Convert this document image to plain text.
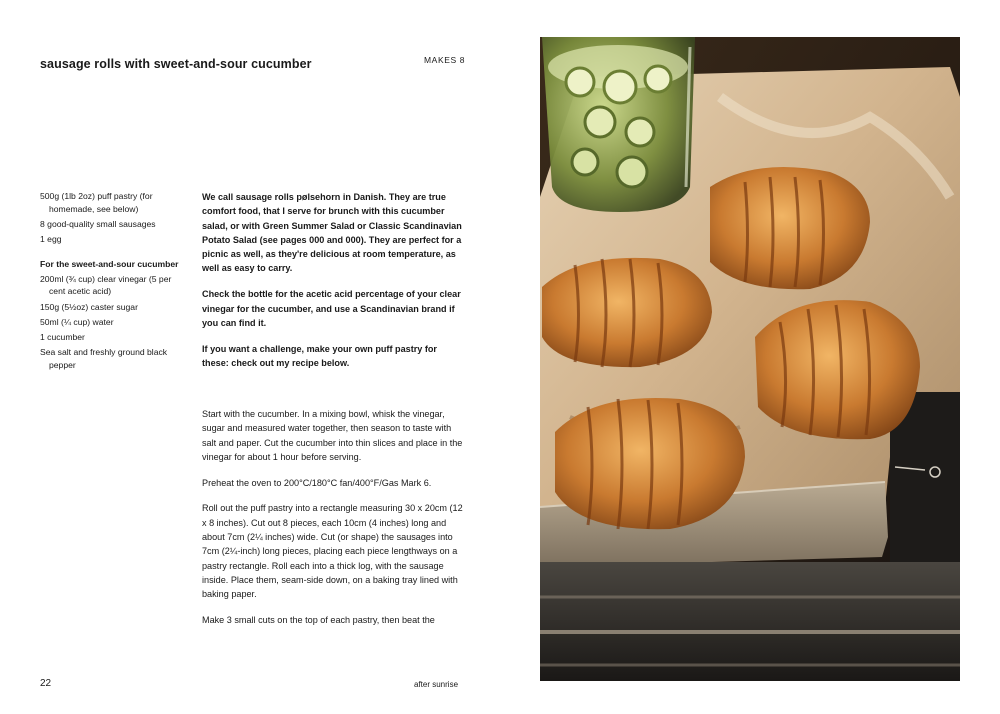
sausage rolls with sweet-and-sour cucumber	MAKES 8
500g (1lb 2oz) puff pastry (for homemade, see below)
8 good-quality small sausages
1 egg
For the sweet-and-sour cucumber
200ml (¾ cup) clear vinegar (5 per cent acetic acid)
150g (5½oz) caster sugar
50ml (¼ cup) water
1 cucumber
Sea salt and freshly ground black pepper

We call sausage rolls pølsehorn in Danish. They are true comfort food, that I serve for brunch with this cucumber salad, or with Green Summer Salad or Classic Scandinavian Potato Salad (see pages 000 and 000). They are perfect for a picnic as well, as they're delicious at room temperature, as well as easy to carry.

Check the bottle for the acetic acid percentage of your clear vinegar for the cucumber, and use a Scandinavian brand if you can find it.

If you want a challenge, make your own puff pastry for these: check out my recipe below.

Start with the cucumber. In a mixing bowl, whisk the vinegar, sugar and measured water together, then season to taste with salt and paper. Cut the cucumber into thin slices and place in the vinegar for about 1 hour before serving.

Preheat the oven to 200°C/180°C fan/400°F/Gas Mark 6.

Roll out the puff pastry into a rectangle measuring 30 x 20cm (12 x 8 inches). Cut out 8 pieces, each 10cm (4 inches) long and about 7cm (2¼ inches) wide. Cut (or shape) the sausages into 7cm (2¼-inch) long pieces, placing each piece lengthways on a pastry rectangle. Roll each into a thick log, with the sausage inside. Place them, seam-side down, on a baking tray lined with baking paper.

Make 3 small cuts on the top of each pastry, then beat the

22	after sunrise
